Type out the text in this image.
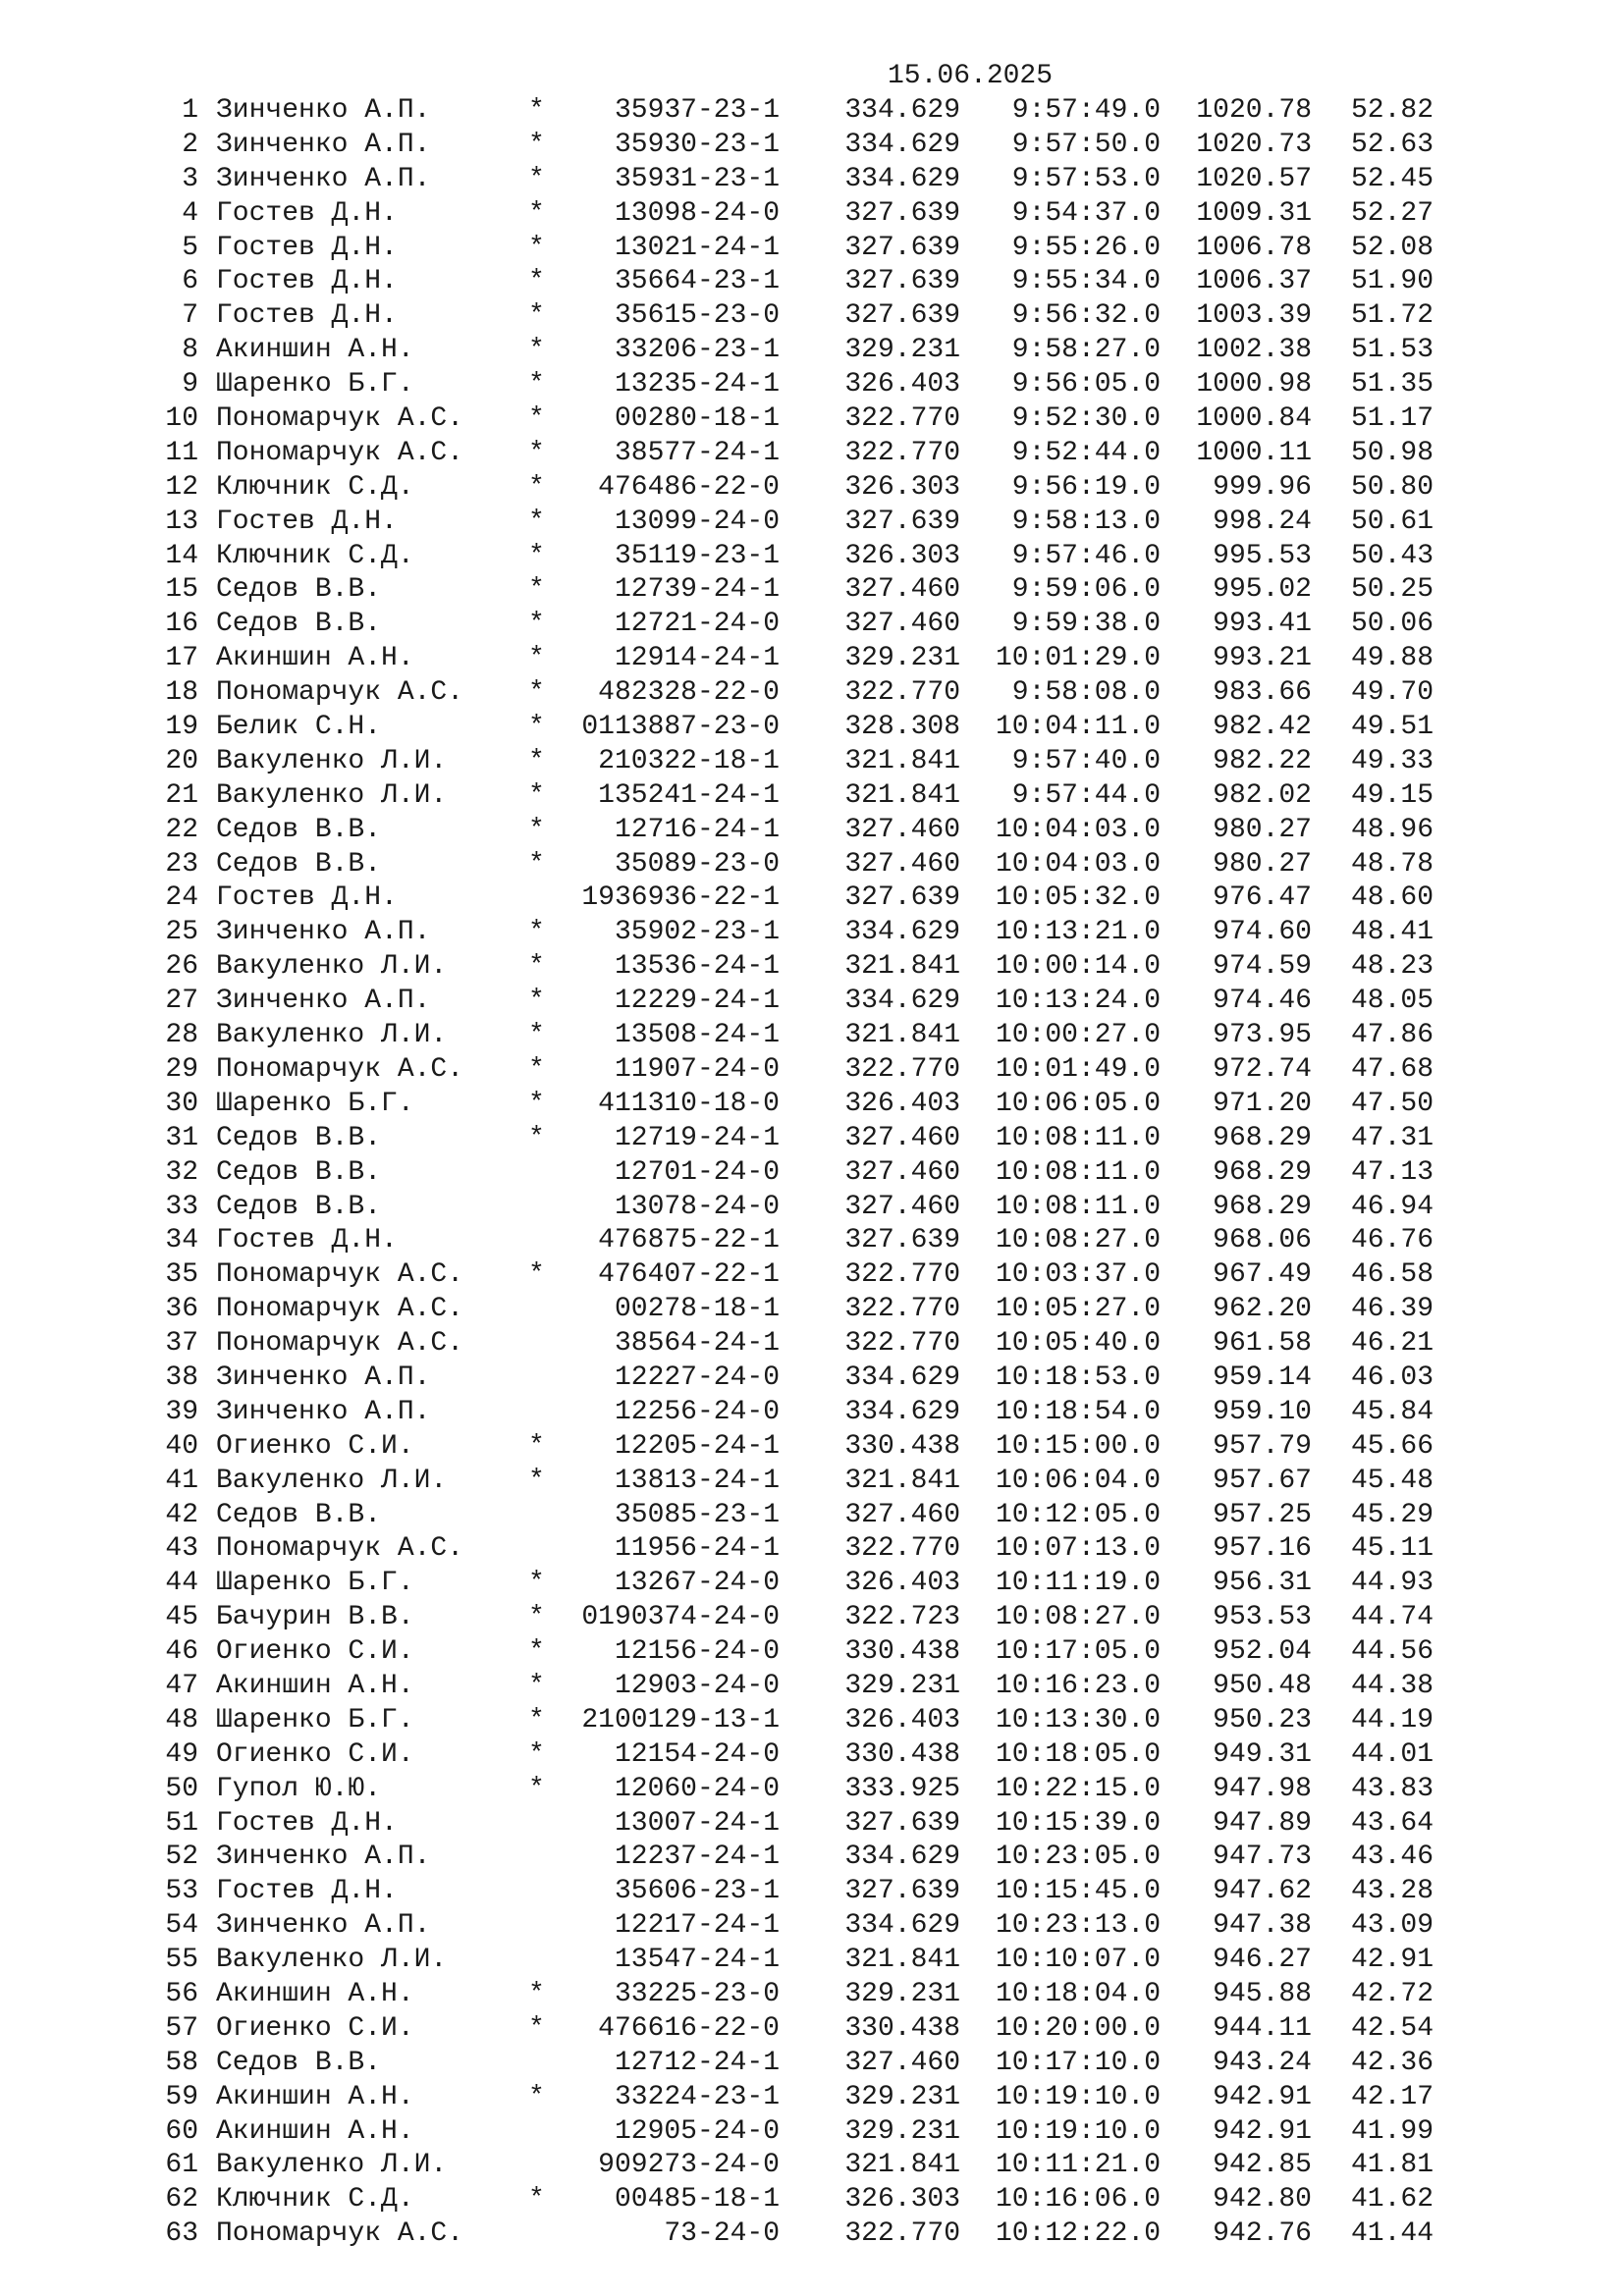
15.06.2025
1 Зинченко А.П.	*	35937-23-1 334.629 9:57:49.0 1020.78 52.82
2 Зинченко А.П.	*	35930-23-1 334.629 9:57:50.0 1020.73 52.63
3 Зинченко А.П.	*	35931-23-1 334.629 9:57:53.0 1020.57 52.45
4 Гостев Д.Н.	*	13098-24-0 327.639 9:54:37.0 1009.31 52.27
5 Гостев Д.Н.	*	13021-24-1 327.639 9:55:26.0 1006.78 52.08
6 Гостев Д.Н.	*	35664-23-1 327.639 9:55:34.0 1006.37 51.90
7 Гостев Д.Н.	*	35615-23-0 327.639 9:56:32.0 1003.39 51.72
8 Акиншин А.Н.	*	33206-23-1 329.231 9:58:27.0 1002.38 51.53
9 Шаренко Б.Г.	*	13235-24-1 326.403 9:56:05.0 1000.98 51.35
10 Пономарчук А.С. *	00280-18-1 322.770 9:52:30.0 1000.84 51.17
11 Пономарчук А.С. *	38577-24-1 322.770 9:52:44.0 1000.11 50.98
12 Ключник С.Д.	* 476486-22-0 326.303 9:56:19.0 999.96 50.80
13 Гостев Д.Н.	*	13099-24-0 327.639 9:58:13.0 998.24 50.61
14 Ключник С.Д.	*	35119-23-1 326.303 9:57:46.0 995.53 50.43
15 Седов В.В.	*	12739-24-1 327.460 9:59:06.0 995.02 50.25
16 Седов В.В.	*	12721-24-0 327.460 9:59:38.0 993.41 50.06
17 Акиншин А.Н.	*	12914-24-1 329.231 10:01:29.0 993.21 49.88
18 Пономарчук А.С. * 482328-22-0 322.770 9:58:08.0 983.66 49.70
19 Белик С.Н.	* 0113887-23-0 328.308 10:04:11.0 982.42 49.51
20 Вакуленко Л.И.	* 210322-18-1 321.841 9:57:40.0 982.22 49.33
21 Вакуленко Л.И.	* 135241-24-1 321.841 9:57:44.0 982.02 49.15
22 Седов В.В.	*	12716-24-1 327.460 10:04:03.0 980.27 48.96
23 Седов В.В.	*	35089-23-0 327.460 10:04:03.0 980.27 48.78
24 Гостев Д.Н.	1936936-22-1 327.639 10:05:32.0 976.47 48.60
25 Зинченко А.П.	*	35902-23-1 334.629 10:13:21.0 974.60 48.41
26 Вакуленко Л.И.	*	13536-24-1 321.841 10:00:14.0 974.59 48.23
27 Зинченко А.П.	*	12229-24-1 334.629 10:13:24.0 974.46 48.05
28 Вакуленко Л.И.	*	13508-24-1 321.841 10:00:27.0 973.95 47.86
29 Пономарчук А.С. *	11907-24-0 322.770 10:01:49.0 972.74 47.68
30 Шаренко Б.Г.	* 411310-18-0 326.403 10:06:05.0 971.20 47.50
31 Седов В.В.	*	12719-24-1 327.460 10:08:11.0 968.29 47.31
32 Седов В.В.	12701-24-0 327.460 10:08:11.0 968.29 47.13
33 Седов В.В.	13078-24-0 327.460 10:08:11.0 968.29 46.94
34 Гостев Д.Н.	476875-22-1 327.639 10:08:27.0 968.06 46.76
35 Пономарчук А.С. * 476407-22-1 322.770 10:03:37.0 967.49 46.58
36 Пономарчук А.С.	00278-18-1 322.770 10:05:27.0 962.20 46.39
37 Пономарчук А.С.	38564-24-1 322.770 10:05:40.0 961.58 46.21
38 Зинченко А.П.	12227-24-0 334.629 10:18:53.0 959.14 46.03
39 Зинченко А.П.	12256-24-0 334.629 10:18:54.0 959.10 45.84
40 Огиенко С.И.	*	12205-24-1 330.438 10:15:00.0 957.79 45.66
41 Вакуленко Л.И.	*	13813-24-1 321.841 10:06:04.0 957.67 45.48
42 Седов В.В.	35085-23-1 327.460 10:12:05.0 957.25 45.29
43 Пономарчук А.С.	11956-24-1 322.770 10:07:13.0 957.16 45.11
44 Шаренко Б.Г.	*	13267-24-0 326.403 10:11:19.0 956.31 44.93
45 Бачурин В.В.	* 0190374-24-0 322.723 10:08:27.0 953.53 44.74
46 Огиенко С.И.	*	12156-24-0 330.438 10:17:05.0 952.04 44.56
47 Акиншин А.Н.	*	12903-24-0 329.231 10:16:23.0 950.48 44.38
48 Шаренко Б.Г.	* 2100129-13-1 326.403 10:13:30.0 950.23 44.19
49 Огиенко С.И.	*	12154-24-0 330.438 10:18:05.0 949.31 44.01
50 Гупол Ю.Ю.	*	12060-24-0 333.925 10:22:15.0 947.98 43.83
51 Гостев Д.Н.	13007-24-1 327.639 10:15:39.0 947.89 43.64
52 Зинченко А.П.	12237-24-1 334.629 10:23:05.0 947.73 43.46
53 Гостев Д.Н.	35606-23-1 327.639 10:15:45.0 947.62 43.28
54 Зинченко А.П.	12217-24-1 334.629 10:23:13.0 947.38 43.09
55 Вакуленко Л.И.	13547-24-1 321.841 10:10:07.0 946.27 42.91
56 Акиншин А.Н.	*	33225-23-0 329.231 10:18:04.0 945.88 42.72
57 Огиенко С.И.	* 476616-22-0 330.438 10:20:00.0 944.11 42.54
58 Седов В.В.	12712-24-1 327.460 10:17:10.0 943.24 42.36
59 Акиншин А.Н.	*	33224-23-1 329.231 10:19:10.0 942.91 42.17
60 Акиншин А.Н.	12905-24-0 329.231 10:19:10.0 942.91 41.99
61 Вакуленко Л.И.	909273-24-0 321.841 10:11:21.0 942.85 41.81
62 Ключник С.Д.	*	00485-18-1 326.303 10:16:06.0 942.80 41.62
63 Пономарчук А.С.	73-24-0 322.770 10:12:22.0 942.76 41.44
